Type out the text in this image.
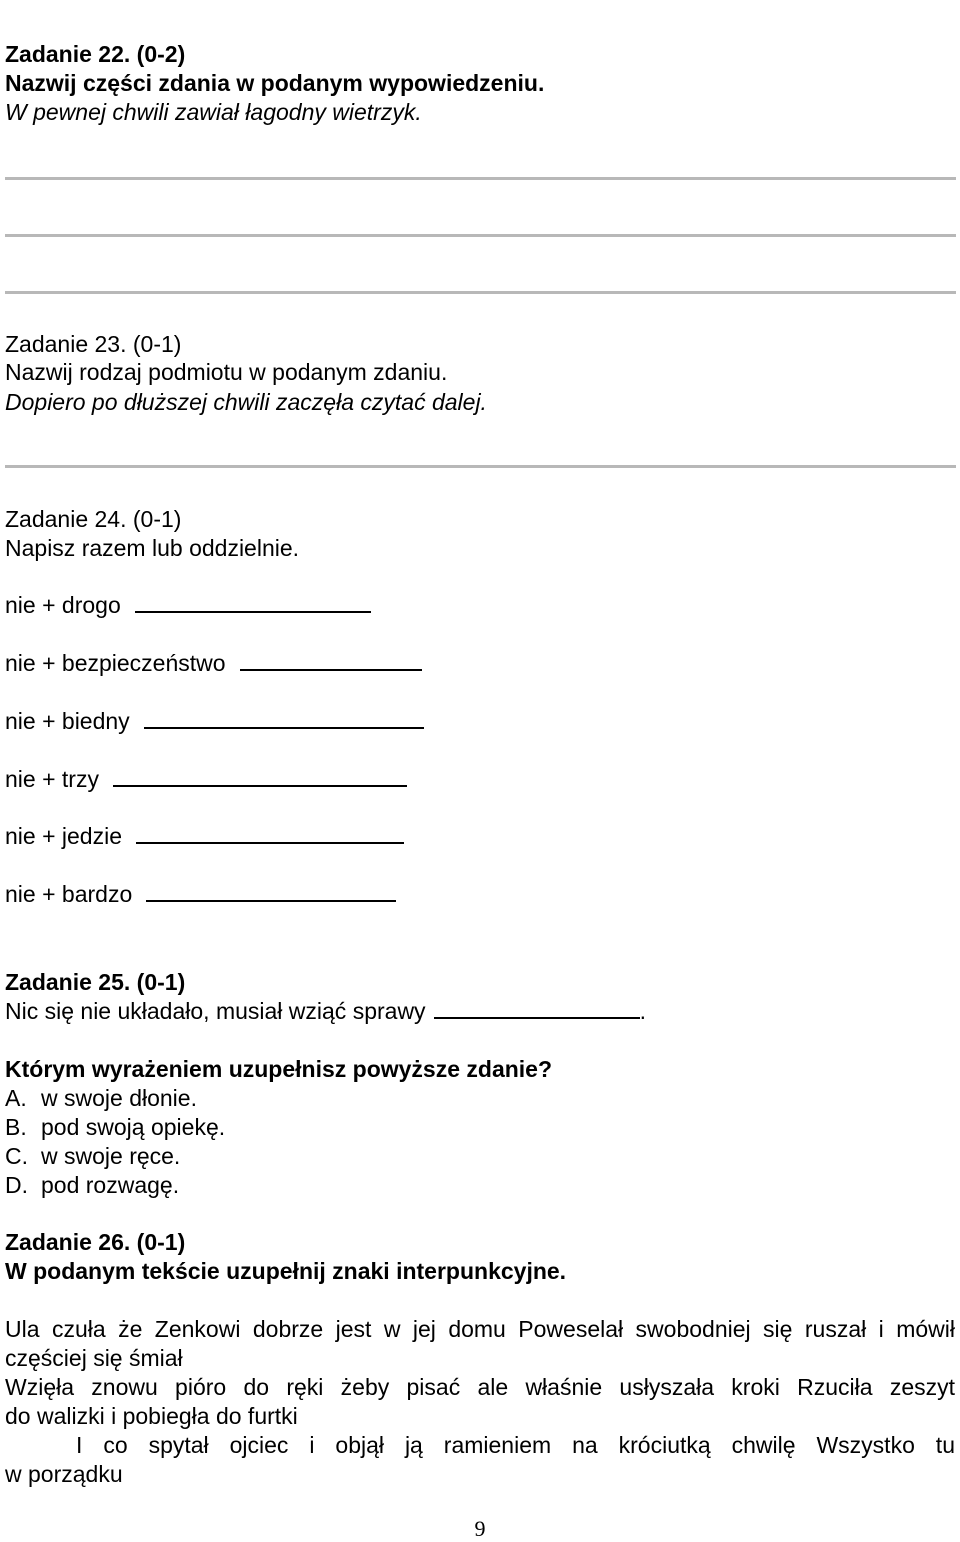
Zadanie 22. (0-2)
Nazwij części zdania w podanym wypowiedzeniu.
W pewnej chwili zawiał łagodny wietrzyk.
Zadanie 23. (0-1)
Nazwij rodzaj podmiotu w podanym zdaniu.
Dopiero po dłuższej chwili zaczęła czytać dalej.
Zadanie 24. (0-1)
Napisz razem lub oddzielnie.
nie + drogo
nie + bezpieczeństwo
nie + biedny
nie + trzy
nie + jedzie
nie + bardzo
Zadanie 25. (0-1)
Nic się nie układało, musiał wziąć sprawy	.
Którym wyrażeniem uzupełnisz powyższe zdanie?
A. w swoje dłonie.
B. pod swoją opiekę.
C. w swoje ręce.
D. pod rozwagę.
Zadanie 26. (0-1)
W podanym tekście uzupełnij znaki interpunkcyjne.
Ula czuła że Zenkowi dobrze jest w jej domu Poweselał swobodniej się ruszał i mówił
częściej się śmiał
Wzięła znowu pióro do ręki żeby pisać ale właśnie usłyszała kroki Rzuciła zeszyt
do walizki i pobiegła do furtki
I co spytał ojciec i objął ją ramieniem na króciutką chwilę Wszystko tu
w porządku
9
